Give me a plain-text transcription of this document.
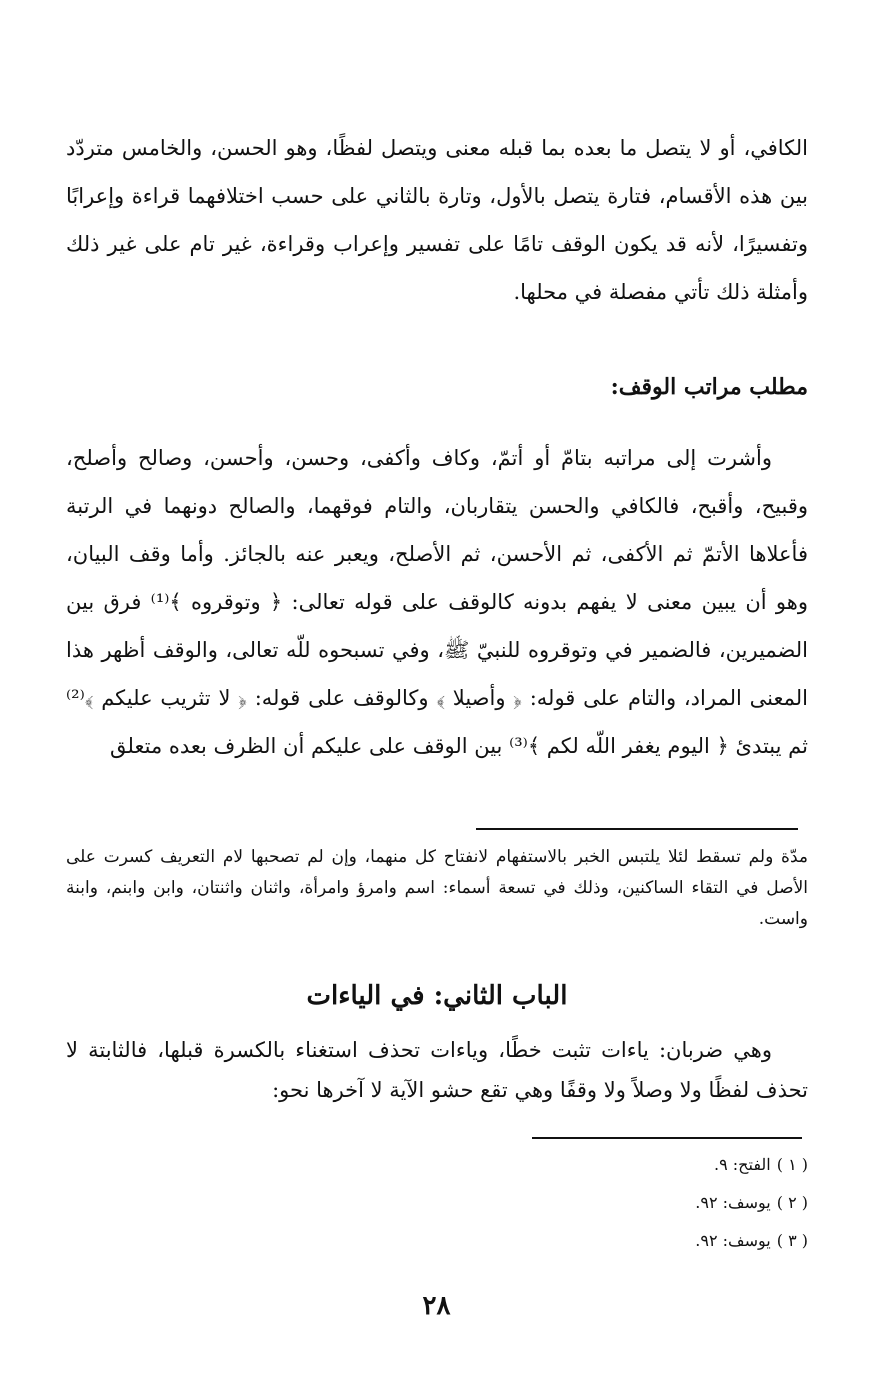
الكافي، أو لا يتصل ما بعده بما قبله معنى ويتصل لفظًا، وهو الحسن، والخامس متردّد بين هذه الأقسام، فتارة يتصل بالأول، وتارة بالثاني على حسب اختلافهما قراءة وإعرابًا وتفسيرًا، لأنه قد يكون الوقف تامًا على تفسير وإعراب وقراءة، غير تام على غير ذلك وأمثلة ذلك تأتي مفصلة في محلها.

مطلب مراتب الوقف:

وأشرت إلى مراتبه بتامّ أو أتمّ، وكاف وأكفى، وحسن، وأحسن، وصالح وأصلح، وقبيح، وأقبح، فالكافي والحسن يتقاربان، والتام فوقهما، والصالح دونهما في الرتبة فأعلاها الأتمّ ثم الأكفى، ثم الأحسن، ثم الأصلح، ويعبر عنه بالجائز. وأما وقف البيان، وهو أن يبين معنى لا يفهم بدونه كالوقف على قوله تعالى: ﴿ وتوقروه ﴾⁽¹⁾ فرق بين الضميرين، فالضمير في وتوقروه للنبيّ ﷺ، وفي تسبحوه للّه تعالى، والوقف أظهر هذا المعنى المراد، والتام على قوله: ﴿ وأصيلا ﴾ وكالوقف على قوله: ﴿ لا تثريب عليكم ﴾⁽²⁾ ثم يبتدئ ﴿ اليوم يغفر اللّه لكم ﴾⁽³⁾ بين الوقف على عليكم أن الظرف بعده متعلق

مدّة ولم تسقط لئلا يلتبس الخبر بالاستفهام لانفتاح كل منهما، وإن لم تصحبها لام التعريف كسرت على الأصل في التقاء الساكنين، وذلك في تسعة أسماء: اسم وامرؤ وامرأة، واثنان واثنتان، وابن وابنم، وابنة واست.

الباب الثاني: في الياءات

وهي ضربان: ياءات تثبت خطًا، وياءات تحذف استغناء بالكسرة قبلها، فالثابتة لا تحذف لفظًا ولا وصلاً ولا وقفًا وهي تقع حشو الآية لا آخرها نحو:

( ١ )الفتح: ٩.
( ٢ )يوسف: ٩٢.
( ٣ )يوسف: ٩٢.
٢٨
